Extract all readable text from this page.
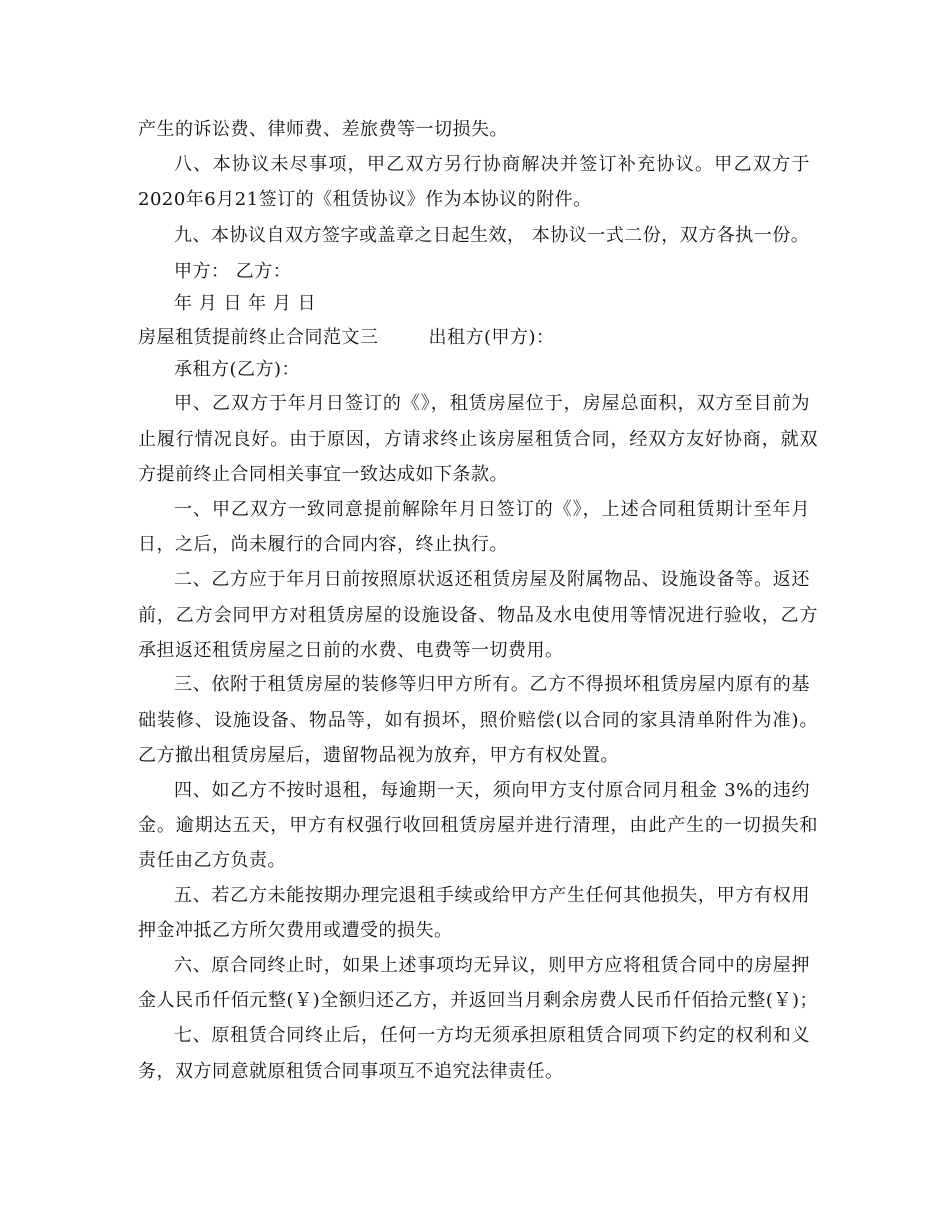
产生的诉讼费、律师费、差旅费等一切损失。
八、本协议未尽事项，甲乙双方另行协商解决并签订补充协议。甲乙双方于
2020年6月21签订的《租赁协议》作为本协议的附件。
九、本协议自双方签字或盖章之日起生效， 本协议一式二份，双方各执一份。
甲方： 乙方：
年 月 日 年 月 日
房屋租赁提前终止合同范文三	出租方(甲方)：
承租方(乙方)：
甲、乙双方于年月日签订的《》，租赁房屋位于，房屋总面积，双方至目前为
止履行情况良好。由于原因，方请求终止该房屋租赁合同，经双方友好协商，就双
方提前终止合同相关事宜一致达成如下条款。
一、甲乙双方一致同意提前解除年月日签订的《》，上述合同租赁期计至年月
日，之后，尚未履行的合同内容，终止执行。
二、乙方应于年月日前按照原状返还租赁房屋及附属物品、设施设备等。返还
前，乙方会同甲方对租赁房屋的设施设备、物品及水电使用等情况进行验收，乙方
承担返还租赁房屋之日前的水费、电费等一切费用。
三、依附于租赁房屋的装修等归甲方所有。乙方不得损坏租赁房屋内原有的基
础装修、设施设备、物品等，如有损坏，照价赔偿(以合同的家具清单附件为准)。
乙方撤出租赁房屋后，遗留物品视为放弃，甲方有权处置。
四、如乙方不按时退租，每逾期一天，须向甲方支付原合同月租金 3%的违约
金。逾期达五天，甲方有权强行收回租赁房屋并进行清理，由此产生的一切损失和
责任由乙方负责。
五、若乙方未能按期办理完退租手续或给甲方产生任何其他损失，甲方有权用
押金冲抵乙方所欠费用或遭受的损失。
六、原合同终止时，如果上述事项均无异议，则甲方应将租赁合同中的房屋押
金人民币仟佰元整(￥)全额归还乙方，并返回当月剩余房费人民币仟佰拾元整(￥)；
七、原租赁合同终止后，任何一方均无须承担原租赁合同项下约定的权利和义
务，双方同意就原租赁合同事项互不追究法律责任。
